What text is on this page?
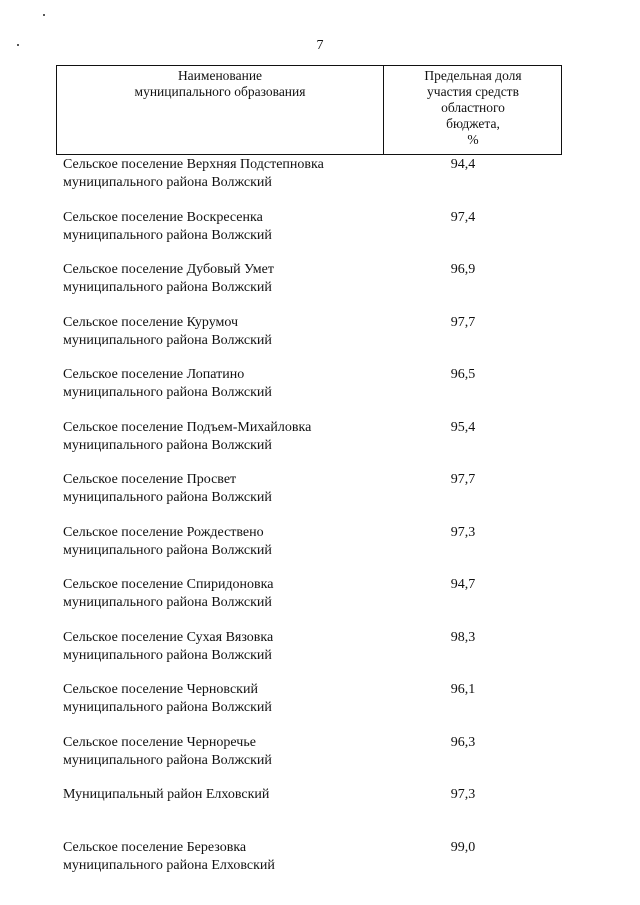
7
Наименование
муниципального образования
Предельная доля
участия средств
областного
бюджета,
%
Сельское поселение Верхняя Подстепновка
муниципального района Волжский
94,4
Сельское поселение Воскресенка
муниципального района Волжский
97,4
Сельское поселение Дубовый Умет
муниципального района Волжский
96,9
Сельское поселение Курумоч
муниципального района Волжский
97,7
Сельское поселение Лопатино
муниципального района Волжский
96,5
Сельское поселение Подъем-Михайловка
муниципального района Волжский
95,4
Сельское поселение Просвет
муниципального района Волжский
97,7
Сельское поселение Рождествено
муниципального района Волжский
97,3
Сельское поселение Спиридоновка
муниципального района Волжский
94,7
Сельское поселение Сухая Вязовка
муниципального района Волжский
98,3
Сельское поселение Черновский
муниципального района Волжский
96,1
Сельское поселение Черноречье
муниципального района Волжский
96,3
Муниципальный район Елховский	97,3
Сельское поселение Березовка
муниципального района Елховский
99,0
